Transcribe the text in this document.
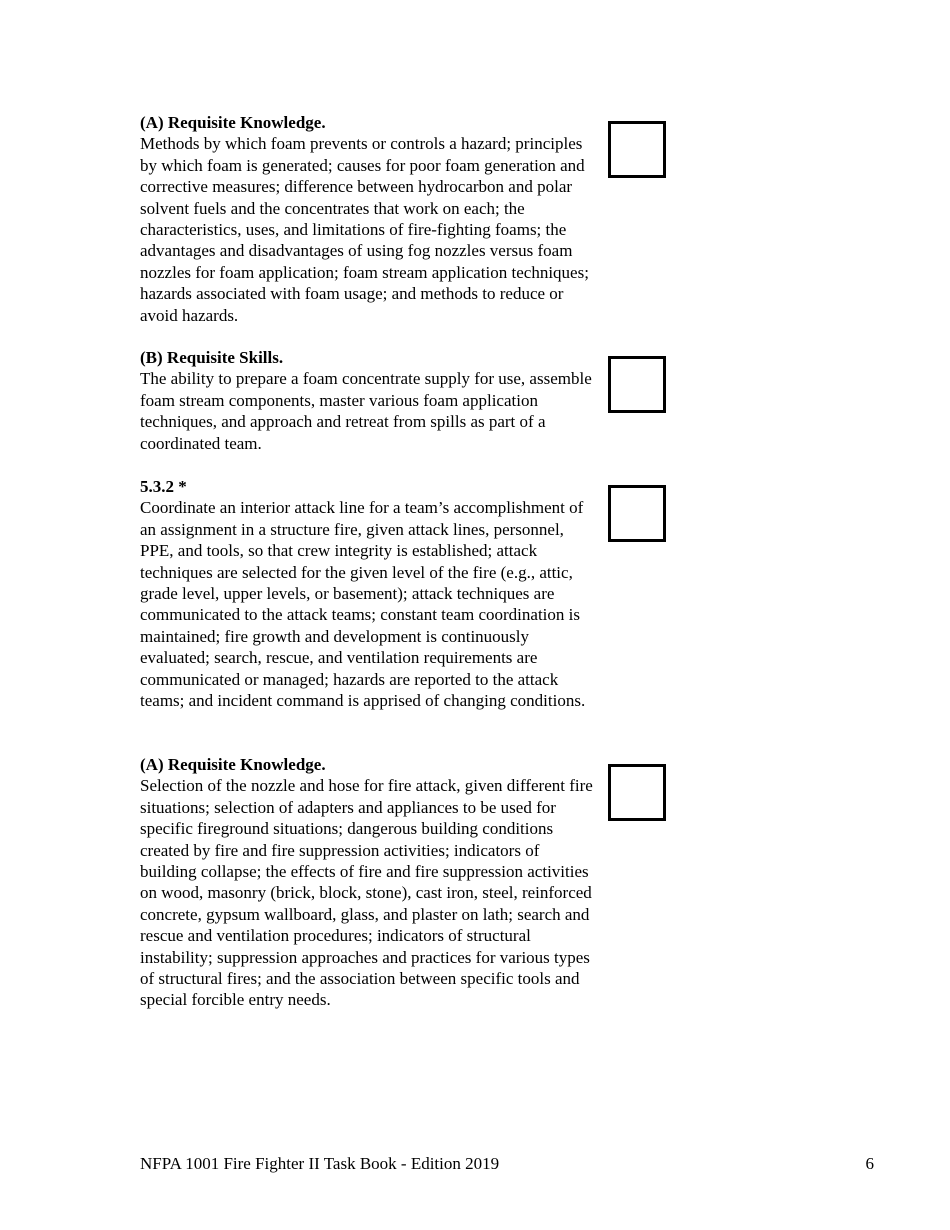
(A) Requisite Knowledge.

Methods by which foam prevents or controls a hazard; principles by which foam is generated; causes for poor foam generation and corrective measures; difference between hydrocarbon and polar solvent fuels and the concentrates that work on each; the characteristics, uses, and limitations of fire-fighting foams; the advantages and disadvantages of using fog nozzles versus foam nozzles for foam application; foam stream application techniques; hazards associated with foam usage; and methods to reduce or avoid hazards.

(B) Requisite Skills.

The ability to prepare a foam concentrate supply for use, assemble foam stream components, master various foam application techniques, and approach and retreat from spills as part of a coordinated team.

5.3.2 *

Coordinate an interior attack line for a team’s accomplishment of an assignment in a structure fire, given attack lines, personnel, PPE, and tools, so that crew integrity is established; attack techniques are selected for the given level of the fire (e.g., attic, grade level, upper levels, or basement); attack techniques are communicated to the attack teams; constant team coordination is maintained; fire growth and development is continuously evaluated; search, rescue, and ventilation requirements are communicated or managed; hazards are reported to the attack teams; and incident command is apprised of changing conditions.

(A) Requisite Knowledge.

Selection of the nozzle and hose for fire attack, given different fire situations; selection of adapters and appliances to be used for specific fireground situations; dangerous building conditions created by fire and fire suppression activities; indicators of building collapse; the effects of fire and fire suppression activities on wood, masonry (brick, block, stone), cast iron, steel, reinforced concrete, gypsum wallboard, glass, and plaster on lath; search and rescue and ventilation procedures; indicators of structural instability; suppression approaches and practices for various types of structural fires; and the association between specific tools and special forcible entry needs.

NFPA 1001 Fire Fighter II Task Book - Edition 2019	6
